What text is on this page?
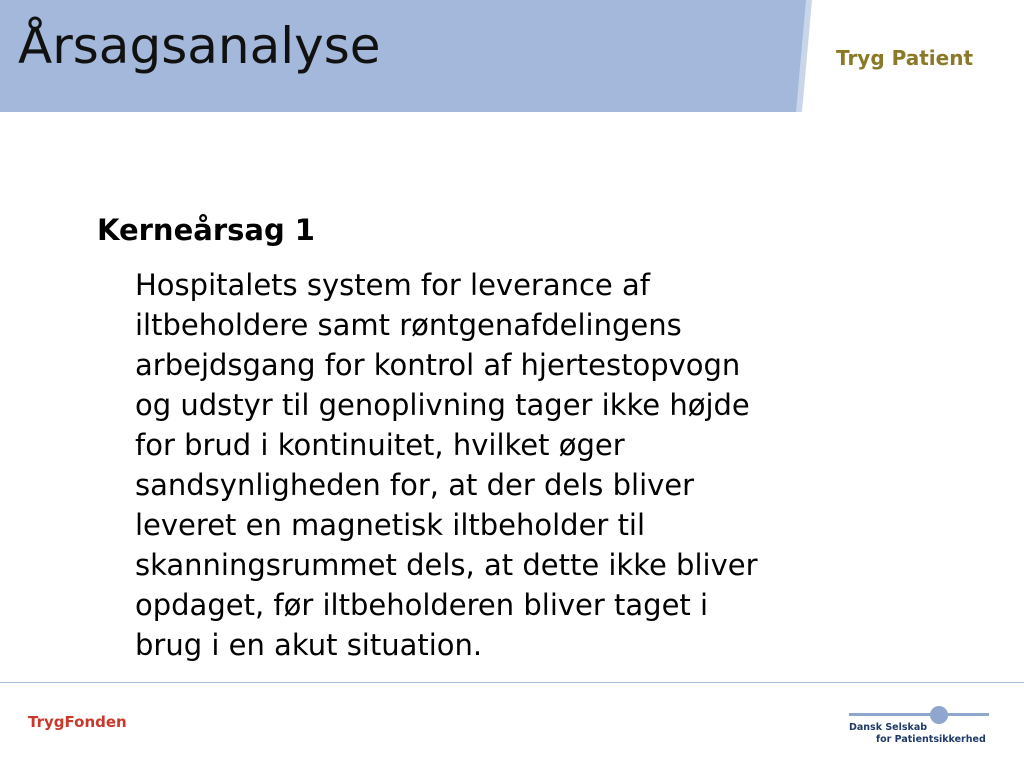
Årsagsanalyse	Tryg Patient
Kerneårsag 1
Hospitalets system for leverance af
iltbeholdere samt røntgenafdelingens
arbejdsgang for kontrol af hjertestopvogn
og udstyr til genoplivning tager ikke højde
for brud i kontinuitet, hvilket øger
sandsynligheden for, at der dels bliver
leveret en magnetisk iltbeholder til
skanningsrummet dels, at dette ikke bliver
opdaget, før iltbeholderen bliver taget i
brug i en akut situation.
TrygFonden	Dansk Selskab
for Patientsikkerhed
